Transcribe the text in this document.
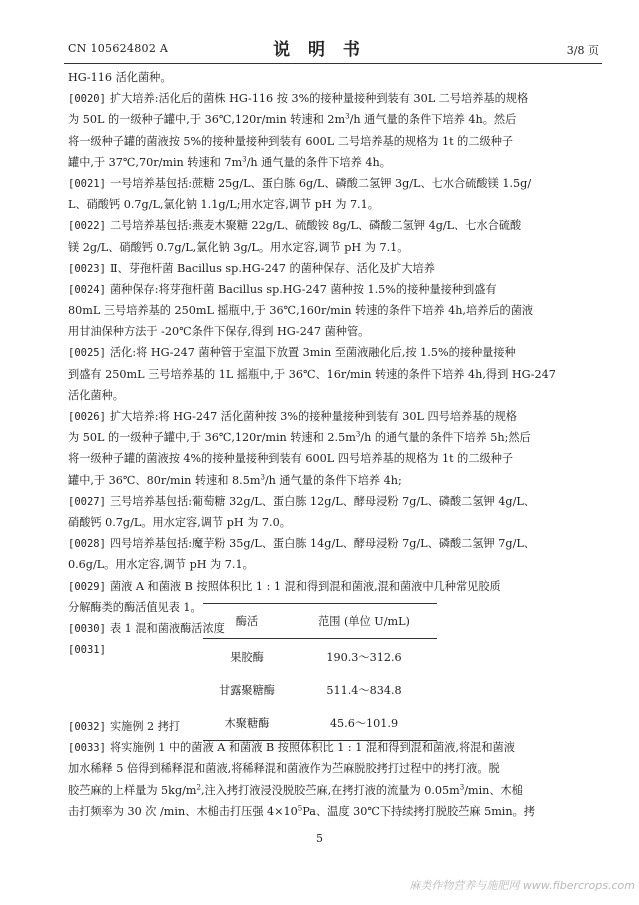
CN 105624802 A	说 明 书	3/8 页
HG-116 活化菌种。
[0020] 扩大培养:活化后的菌株 HG-116 按 3%的接种量接种到装有 30L 二号培养基的规格
为 50L 的一级种子罐中,于 36℃,120r/min 转速和 $2m^3/h$ 通气量的条件下培养 4h。然后
将一级种子罐的菌液按 5%的接种量接种到装有 600L 二号培养基的规格为 1t 的二级种子
罐中,于 37℃,70r/min 转速和 $7m^3/h$ 通气量的条件下培养 4h。
[0021] 一号培养基包括:蔗糖 25g/L、蛋白胨 6g/L、磷酸二氢钾 3g/L、七水合硫酸镁 1.5g/
L、硝酸钙 0.7g/L,氯化钠 1.1g/L;用水定容,调节 pH 为 7.1。
[0022] 二号培养基包括:燕麦木聚糖 22g/L、硫酸铵 8g/L、磷酸二氢钾 4g/L、七水合硫酸
镁 2g/L、硝酸钙 0.7g/L,氯化钠 3g/L。用水定容,调节 pH 为 7.1。
[0023] Ⅱ、芽孢杆菌 Bacillus sp.HG-247 的菌种保存、活化及扩大培养
[0024] 菌种保存:将芽孢杆菌 Bacillus sp.HG-247 菌种按 1.5%的接种量接种到盛有
80mL 三号培养基的 250mL 摇瓶中,于 36℃,160r/min 转速的条件下培养 4h,培养后的菌液
用甘油保种方法于 -20℃条件下保存,得到 HG-247 菌种管。
[0025] 活化:将 HG-247 菌种管于室温下放置 3min 至菌液融化后,按 1.5%的接种量接种
到盛有 250mL 三号培养基的 1L 摇瓶中,于 36℃、16r/min 转速的条件下培养 4h,得到 HG-247
活化菌种。
[0026] 扩大培养:将 HG-247 活化菌种按 3%的接种量接种到装有 30L 四号培养基的规格
为 50L 的一级种子罐中,于 36℃,120r/min 转速和 $2.5m^3/h$ 的通气量的条件下培养 5h;然后
将一级种子罐的菌液按 4%的接种量接种到装有 600L 四号培养基的规格为 1t 的二级种子
罐中,于 36℃、80r/min 转速和 $8.5m^3/h$ 通气量的条件下培养 4h;
[0027] 三号培养基包括:葡萄糖 32g/L、蛋白胨 12g/L、酵母浸粉 7g/L、磷酸二氢钾 4g/L、
硝酸钙 0.7g/L。用水定容,调节 pH 为 7.0。
[0028] 四号培养基包括:魔芋粉 35g/L、蛋白胨 14g/L、酵母浸粉 7g/L、磷酸二氢钾 7g/L、
0.6g/L。用水定容,调节 pH 为 7.1。
[0029] 菌液 A 和菌液 B 按照体积比 1 : 1 混和得到混和菌液,混和菌液中几种常见胶质
分解酶类的酶活值见表 1。
[0030] 表 1 混和菌液酶活浓度
[0031]
酶活	范围 (单位 U/mL)
果胶酶	190.3～312.6
甘露聚糖酶	511.4～834.8
木聚糖酶	45.6～101.9
[0032] 实施例 2 拷打
[0033] 将实施例 1 中的菌液 A 和菌液 B 按照体积比 1 : 1 混和得到混和菌液,将混和菌液
加水稀释 5 倍得到稀释混和菌液,将稀释混和菌液作为苎麻脱胶拷打过程中的拷打液。脱
胶苎麻的上样量为 $5kg/m^2$,注入拷打液浸没脱胶苎麻,在拷打液的流量为 $0.05m^3/\min$、木槌
击打频率为 30 次 /min、木槌击打压强 $4\times 10^5Pa$、温度 30℃下持续拷打脱胶苎麻 5min。拷
5
麻类作物营养与施肥网 www.fibercrops.com
